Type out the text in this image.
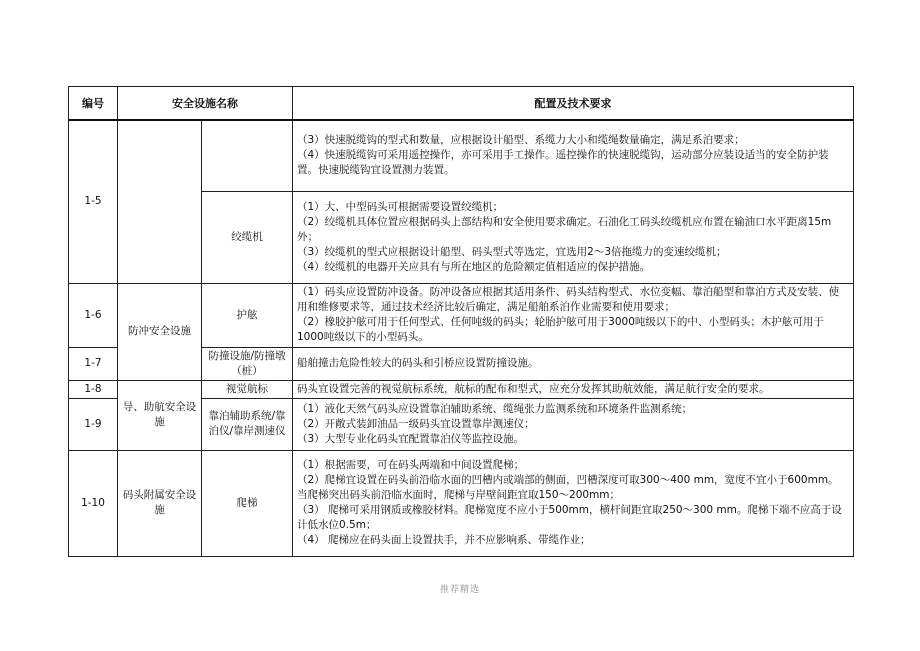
编号	安全设施名称		配置及技术要求
1-5			（3）快速脱缆钩的型式和数量，应根据设计船型、系缆力大小和缆绳数量确定，满足系泊要求；
（4）快速脱缆钩可采用遥控操作，亦可采用手工操作。遥控操作的快速脱缆钩，运动部分应装设适当的安全防护装置。快速脱缆钩宜设置测力装置。

		绞缆机	（1）大、中型码头可根据需要设置绞缆机；
（2）绞缆机具体位置应根据码头上部结构和安全使用要求确定。石油化工码头绞缆机应布置在输油口水平距离15m外；
（3）绞缆机的型式应根据设计船型、码头型式等选定，宜选用2～3倍拖缆力的变速绞缆机；
（4）绞缆机的电器开关应具有与所在地区的危险额定值相适应的保护措施。

1-6	防冲安全设施	护舷	（1）码头应设置防冲设备。防冲设备应根据其适用条件、码头结构型式、水位变幅、靠泊船型和靠泊方式及安装、使用和维修要求等，通过技术经济比较后确定，满足船舶系泊作业需要和使用要求；
（2）橡胶护舷可用于任何型式、任何吨级的码头；轮胎护舷可用于3000吨级以下的中、小型码头；木护舷可用于1000吨级以下的小型码头。

1-7		防撞设施/防撞墩（桩）	船舶撞击危险性较大的码头和引桥应设置防撞设施。

1-8	导、助航安全设施	视觉航标	码头宜设置完善的视觉航标系统，航标的配布和型式，应充分发挥其助航效能，满足航行安全的要求。

1-9		靠泊辅助系统/靠泊仪/靠岸测速仪	（1）液化天然气码头应设置靠泊辅助系统、缆绳张力监测系统和环境条件监测系统；
（2）开敞式装卸油品一级码头宜设置靠岸测速仪；
（3）大型专业化码头宜配置靠泊仪等监控设施。

1-10	码头附属安全设施	爬梯	（1）根据需要，可在码头两端和中间设置爬梯；
（2）爬梯宜设置在码头前沿临水面的凹槽内或端部的侧面，凹槽深度可取300～400 mm，宽度不宜小于600mm。当爬梯突出码头前沿临水面时，爬梯与岸壁间距宜取150～200mm；
（3） 爬梯可采用钢质或橡胶材料。爬梯宽度不应小于500mm，横杆间距宜取250～300 mm。爬梯下端不应高于设计低水位0.5m；
（4） 爬梯应在码头面上设置扶手，并不应影响系、带缆作业；
推荐精选
